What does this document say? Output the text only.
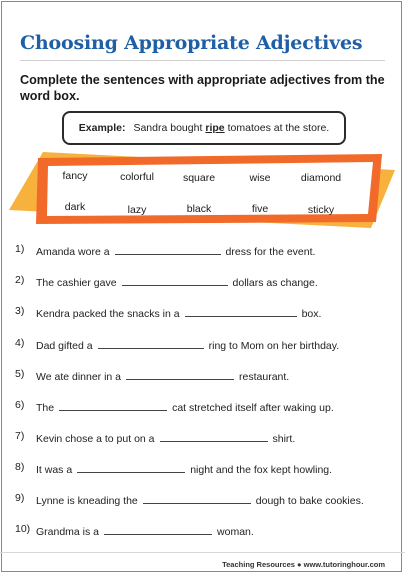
Choosing Appropriate Adjectives
Complete the sentences with appropriate adjectives from the word box.
Example: Sandra bought ripe tomatoes at the store.
fancy	colorful	square	wise	diamond
dark	lazy	black	five	sticky
1) Amanda wore a	dress for the event.
2) The cashier gave	dollars as change.
3) Kendra packed the snacks in a	box.
4) Dad gifted a	ring to Mom on her birthday.
5) We ate dinner in a	restaurant.
6) The	cat stretched itself after waking up.
7) Kevin chose a to put on a	shirt.
8) It was a	night and the fox kept howling.
9) Lynne is kneading the	dough to bake cookies.
10) Grandma is a	woman.
Teaching Resources ● www.tutoringhour.com
